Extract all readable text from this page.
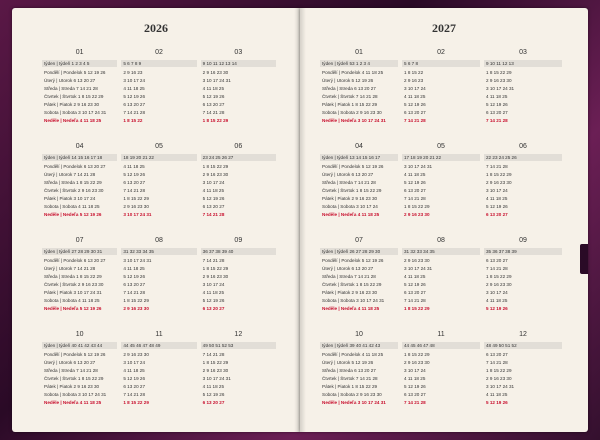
2026
01
týden | týdeň 1 2 3 4 5
Pondělí | Pondelok 5 12 19 26
Úterý | Utorok 6 13 20 27
Středa | Streda 7 14 21 28
Čtvrtek | Štvrtok 1 8 15 22 29
Pátek | Piatok 2 9 16 23 30
Sobota | Sobota 3 10 17 24 31
Neděle | Nedeľa 4 11 18 25
02
5 6 7 8 9
2 9 16 23
3 10 17 24
4 11 18 25
5 12 19 26
6 13 20 27
7 14 21 28
1 8 15 22
03
9 10 11 12 13 14
2 9 16 23 30
3 10 17 24 31
4 11 18 25
5 12 19 26
6 13 20 27
7 14 21 28
1 8 15 22 29
04
týden | týdeň 14 15 16 17 18
Pondělí | Pondelok 6 13 20 27
Úterý | Utorok 7 14 21 28
Středa | Streda 1 8 15 22 29
Čtvrtek | Štvrtok 2 9 16 23 30
Pátek | Piatok 3 10 17 24
Sobota | Sobota 4 11 18 25
Neděle | Nedeľa 5 12 19 26
05
18 19 20 21 22
4 11 18 25
5 12 19 26
6 13 20 27
7 14 21 28
1 8 15 22 29
2 9 16 23 30
3 10 17 24 31
06
23 24 25 26 27
1 8 15 22 29
2 9 16 23 30
3 10 17 24
4 11 18 25
5 12 19 26
6 13 20 27
7 14 21 28
07
týden | týdeň 27 28 29 30 31
Pondělí | Pondelok 6 13 20 27
Úterý | Utorok 7 14 21 28
Středa | Streda 1 8 15 22 29
Čtvrtek | Štvrtok 2 9 16 23 30
Pátek | Piatok 3 10 17 24 31
Sobota | Sobota 4 11 18 25
Neděle | Nedeľa 5 12 19 26
08
31 32 33 34 35
3 10 17 24 31
4 11 18 25
5 12 19 26
6 13 20 27
7 14 21 28
1 8 15 22 29
2 9 16 23 30
09
36 37 38 39 40
7 14 21 28
1 8 15 22 29
2 9 16 23 30
3 10 17 24
4 11 18 25
5 12 19 26
6 13 20 27
10
týden | týdeň 40 41 42 43 44
Pondělí | Pondelok 5 12 19 26
Úterý | Utorok 6 13 20 27
Středa | Streda 7 14 21 28
Čtvrtek | Štvrtok 1 8 15 22 29
Pátek | Piatok 2 9 16 23 30
Sobota | Sobota 3 10 17 24 31
Neděle | Nedeľa 4 11 18 25
11
44 45 46 47 48 49
2 9 16 23 30
3 10 17 24
4 11 18 25
5 12 19 26
6 13 20 27
7 14 21 28
1 8 15 22 29
12
49 50 51 52 53
7 14 21 28
1 8 15 22 29
2 9 16 23 30
3 10 17 24 31
4 11 18 25
5 12 19 26
6 13 20 27
2027
01
týden | týdeň 53 1 2 3 4
Pondělí | Pondelok 4 11 18 25
Úterý | Utorok 5 12 19 26
Středa | Streda 6 13 20 27
Čtvrtek | Štvrtok 7 14 21 28
Pátek | Piatok 1 8 15 22 29
Sobota | Sobota 2 9 16 23 30
Neděle | Nedeľa 3 10 17 24 31
02
5 6 7 8
1 8 15 22
2 9 16 23
3 10 17 24
4 11 18 25
5 12 19 26
6 13 20 27
7 14 21 28
03
9 10 11 12 13
1 8 15 22 29
2 9 16 23 30
3 10 17 24 31
4 11 18 25
5 12 19 26
6 13 20 27
7 14 21 28
04
týden | týdeň 13 14 15 16 17
Pondělí | Pondelok 5 12 19 26
Úterý | Utorok 6 13 20 27
Středa | Streda 7 14 21 28
Čtvrtek | Štvrtok 1 8 15 22 29
Pátek | Piatok 2 9 16 23 30
Sobota | Sobota 3 10 17 24
Neděle | Nedeľa 4 11 18 25
05
17 18 19 20 21 22
3 10 17 24 31
4 11 18 25
5 12 19 26
6 13 20 27
7 14 21 28
1 8 15 22 29
2 9 16 23 30
06
22 23 24 25 26
7 14 21 28
1 8 15 22 29
2 9 16 23 30
3 10 17 24
4 11 18 25
5 12 19 26
6 13 20 27
07
týden | týdeň 26 27 28 29 30
Pondělí | Pondelok 5 12 19 26
Úterý | Utorok 6 13 20 27
Středa | Streda 7 14 21 28
Čtvrtek | Štvrtok 1 8 15 22 29
Pátek | Piatok 2 9 16 23 30
Sobota | Sobota 3 10 17 24 31
Neděle | Nedeľa 4 11 18 25
08
31 32 33 34 35
2 9 16 23 30
3 10 17 24 31
4 11 18 25
5 12 19 26
6 13 20 27
7 14 21 28
1 8 15 22 29
09
35 36 37 38 39
6 13 20 27
7 14 21 28
1 8 15 22 29
2 9 16 23 30
3 10 17 24
4 11 18 25
5 12 19 26
10
týden | týdeň 39 40 41 42 43
Pondělí | Pondelok 4 11 18 25
Úterý | Utorok 5 12 19 26
Středa | Streda 6 13 20 27
Čtvrtek | Štvrtok 7 14 21 28
Pátek | Piatok 1 8 15 22 29
Sobota | Sobota 2 9 16 23 30
Neděle | Nedeľa 3 10 17 24 31
11
44 45 46 47 48
1 8 15 22 29
2 9 16 23 30
3 10 17 24
4 11 18 25
5 12 19 26
6 13 20 27
7 14 21 28
12
48 49 50 51 52
6 13 20 27
7 14 21 28
1 8 15 22 29
2 9 16 23 30
3 10 17 24 31
4 11 18 25
5 12 19 26
